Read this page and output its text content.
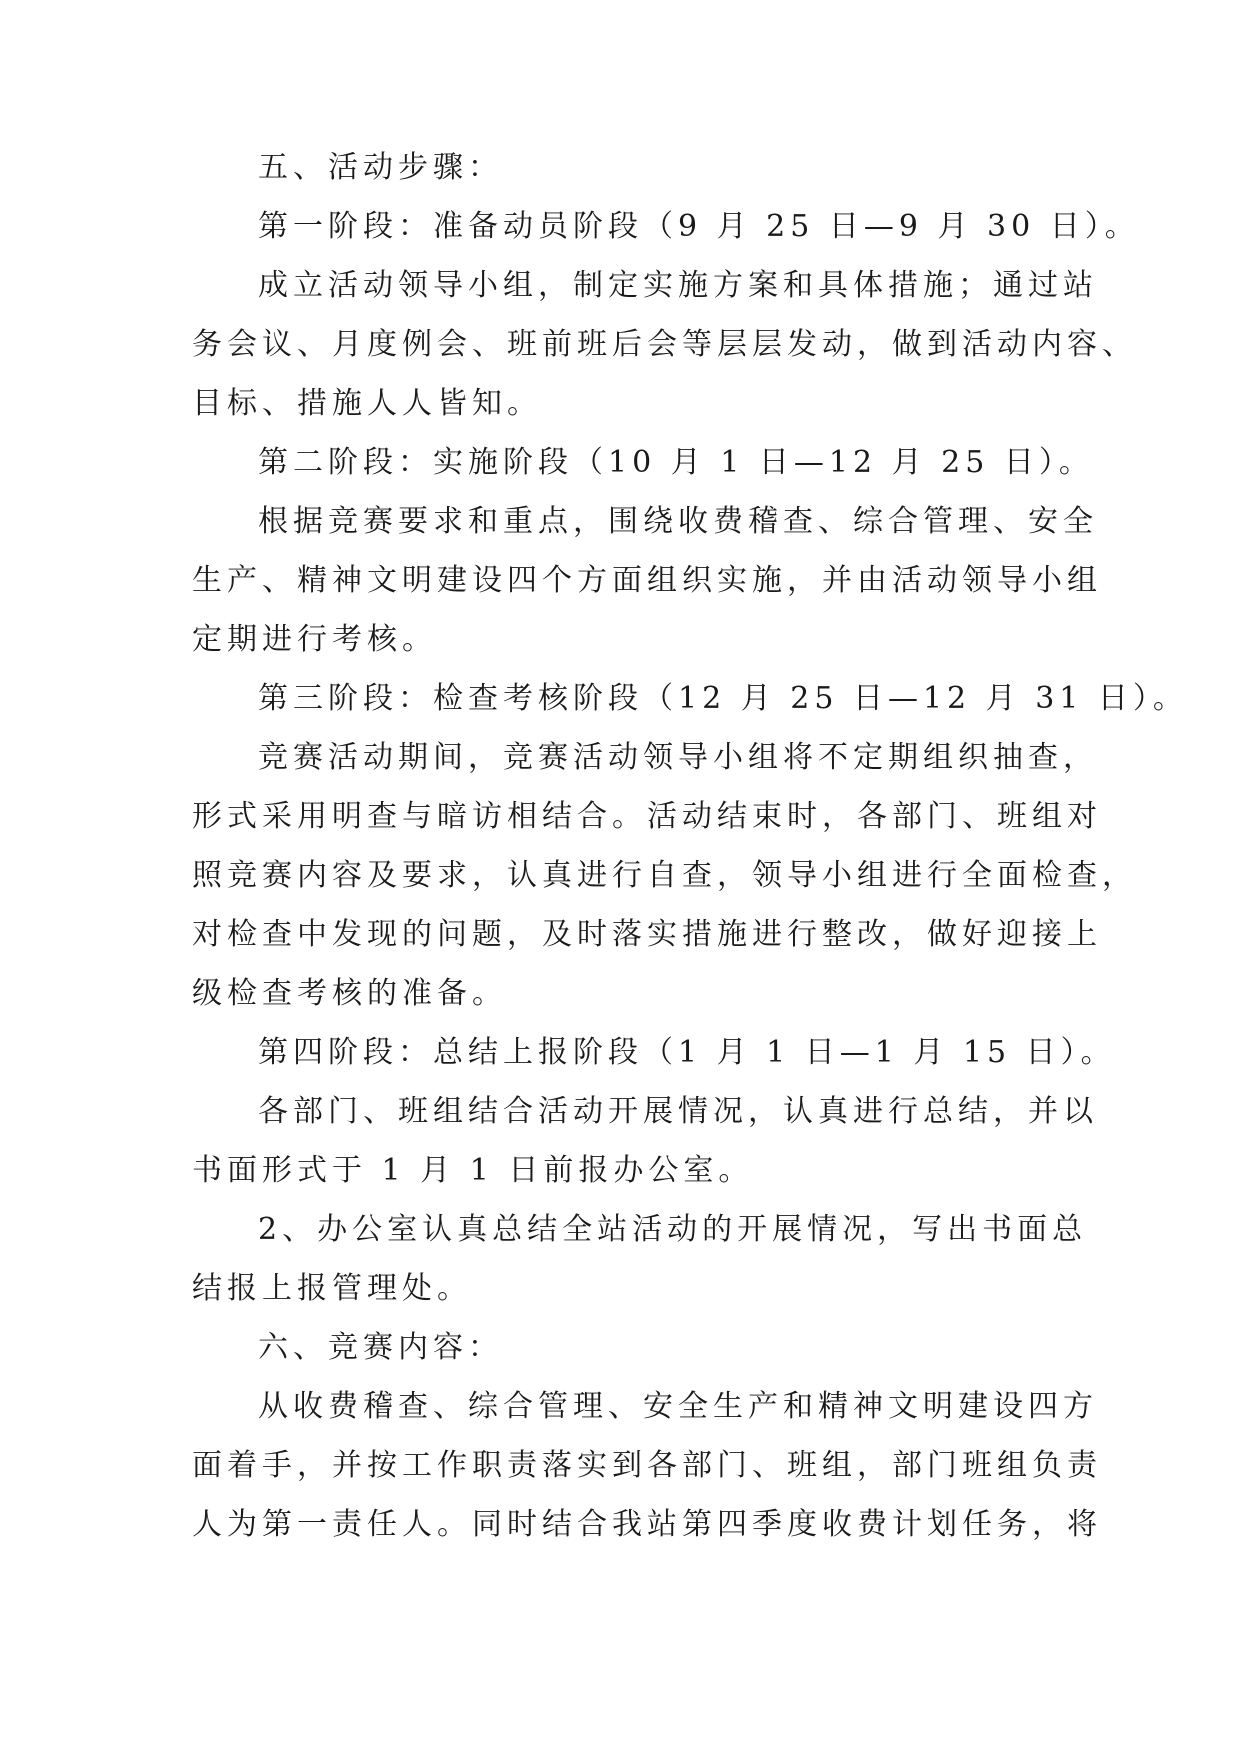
五、活动步骤：

第一阶段：准备动员阶段（9 月 25 日—9 月 30 日）。

成立活动领导小组，制定实施方案和具体措施；通过站

务会议、月度例会、班前班后会等层层发动，做到活动内容、

目标、措施人人皆知。

第二阶段：实施阶段（10 月 1 日—12 月 25 日）。

根据竞赛要求和重点，围绕收费稽查、综合管理、安全

生产、精神文明建设四个方面组织实施，并由活动领导小组

定期进行考核。

第三阶段：检查考核阶段（12 月 25 日—12 月 31 日）。

竞赛活动期间，竞赛活动领导小组将不定期组织抽查，

形式采用明查与暗访相结合。活动结束时，各部门、班组对

照竞赛内容及要求，认真进行自查，领导小组进行全面检查，

对检查中发现的问题，及时落实措施进行整改，做好迎接上

级检查考核的准备。

第四阶段：总结上报阶段（1 月 1 日—1 月 15 日）。

各部门、班组结合活动开展情况，认真进行总结，并以

书面形式于 1 月 1 日前报办公室。

2、办公室认真总结全站活动的开展情况，写出书面总

结报上报管理处。

六、竞赛内容：

从收费稽查、综合管理、安全生产和精神文明建设四方

面着手，并按工作职责落实到各部门、班组，部门班组负责

人为第一责任人。同时结合我站第四季度收费计划任务，将
